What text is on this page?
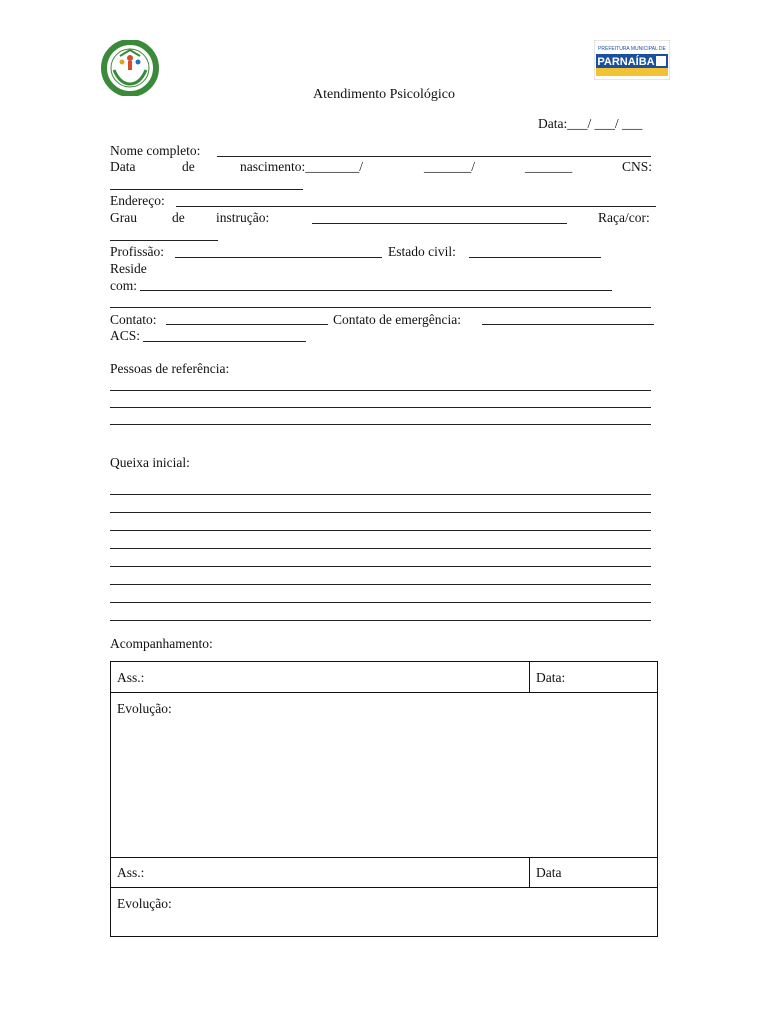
PREFEITURA MUNICIPAL DE
PARNAÍBA
Atendimento Psicológico
Data:___/ ___/ ___
Nome completo:
Data	de	nascimento:________/	_______/	_______	CNS:
Endereço:
Grau	de instrução:	Raça/cor:
Profissão:	Estado civil:
Reside
com:
Contato:	Contato de emergência:
ACS:
Pessoas de referência:
Queixa inicial:
Acompanhamento:
Ass.:	Data:
Evolução:
Ass.:	Data
Evolução:
